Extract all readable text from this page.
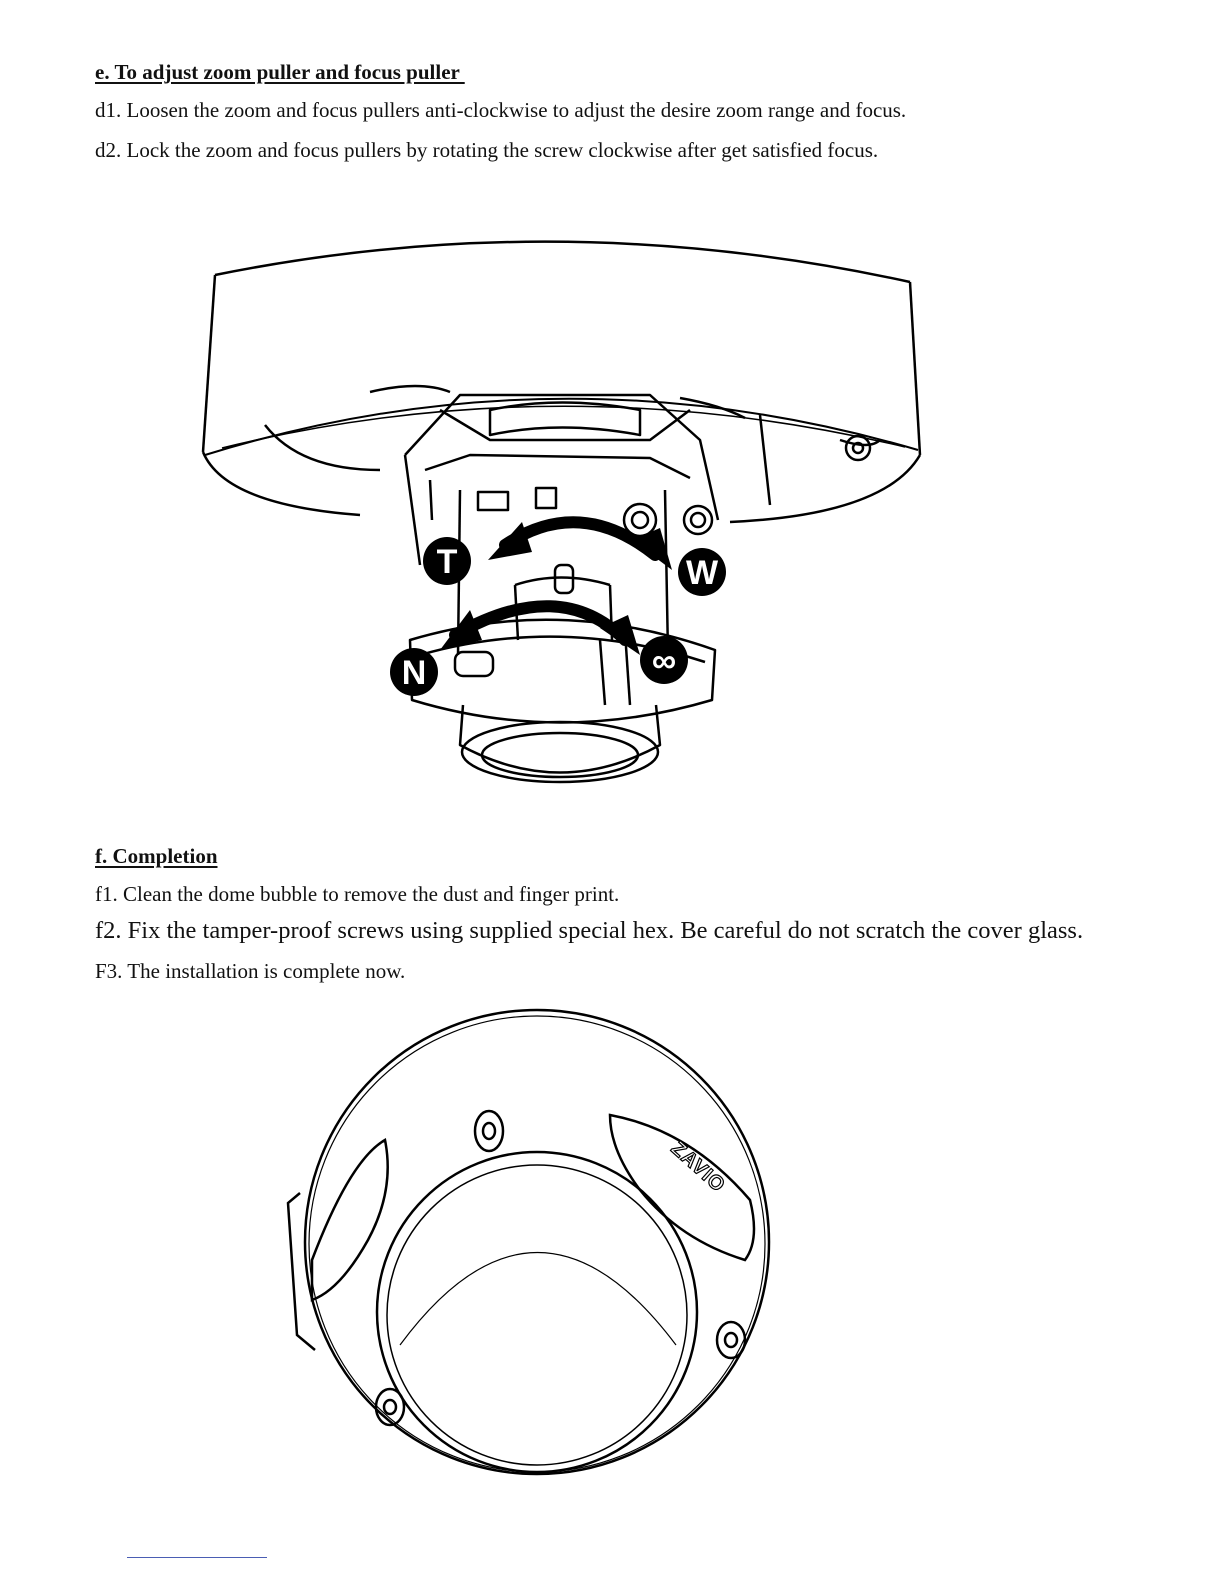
e. To adjust zoom puller and focus puller
d1. Loosen the zoom and focus pullers anti-clockwise to adjust the desire zoom range and focus.
d2. Lock the zoom and focus pullers by rotating the screw clockwise after get satisfied focus.
T	W
N	∞
f. Completion
f1. Clean the dome bubble to remove the dust and finger print.
f2. Fix the tamper-proof screws using supplied special hex. Be careful do not scratch the cover glass.
F3. The installation is complete now.
ZAVIO
